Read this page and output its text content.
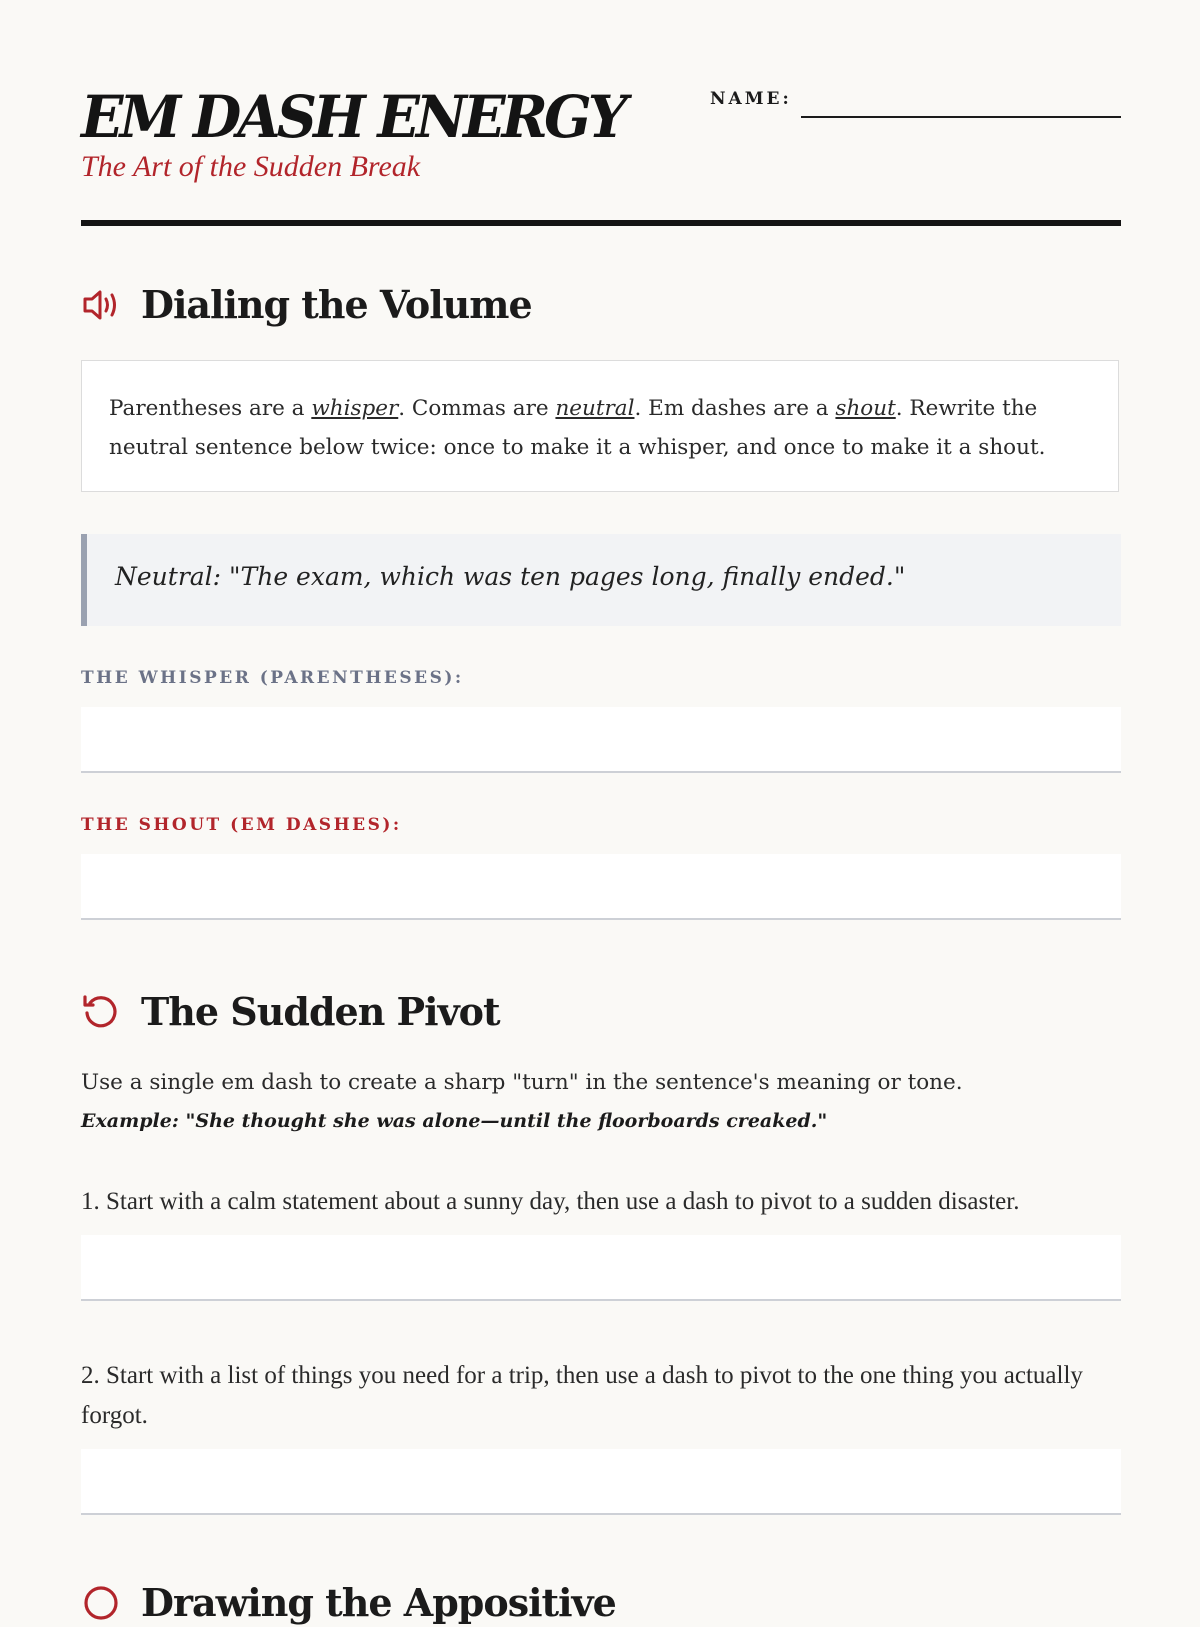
EM DASH ENERGY
The Art of the Sudden Break
NAME:
Dialing the Volume
Parentheses are a whisper. Commas are neutral. Em dashes are a shout. Rewrite the neutral sentence below twice: once to make it a whisper, and once to make it a shout.
Neutral: "The exam, which was ten pages long, finally ended."
THE WHISPER (PARENTHESES):
THE SHOUT (EM DASHES):
The Sudden Pivot
Use a single em dash to create a sharp "turn" in the sentence's meaning or tone.
Example: "She thought she was alone—until the floorboards creaked."
1. Start with a calm statement about a sunny day, then use a dash to pivot to a sudden disaster.
2. Start with a list of things you need for a trip, then use a dash to pivot to the one thing you actually forgot.
Drawing the Appositive
